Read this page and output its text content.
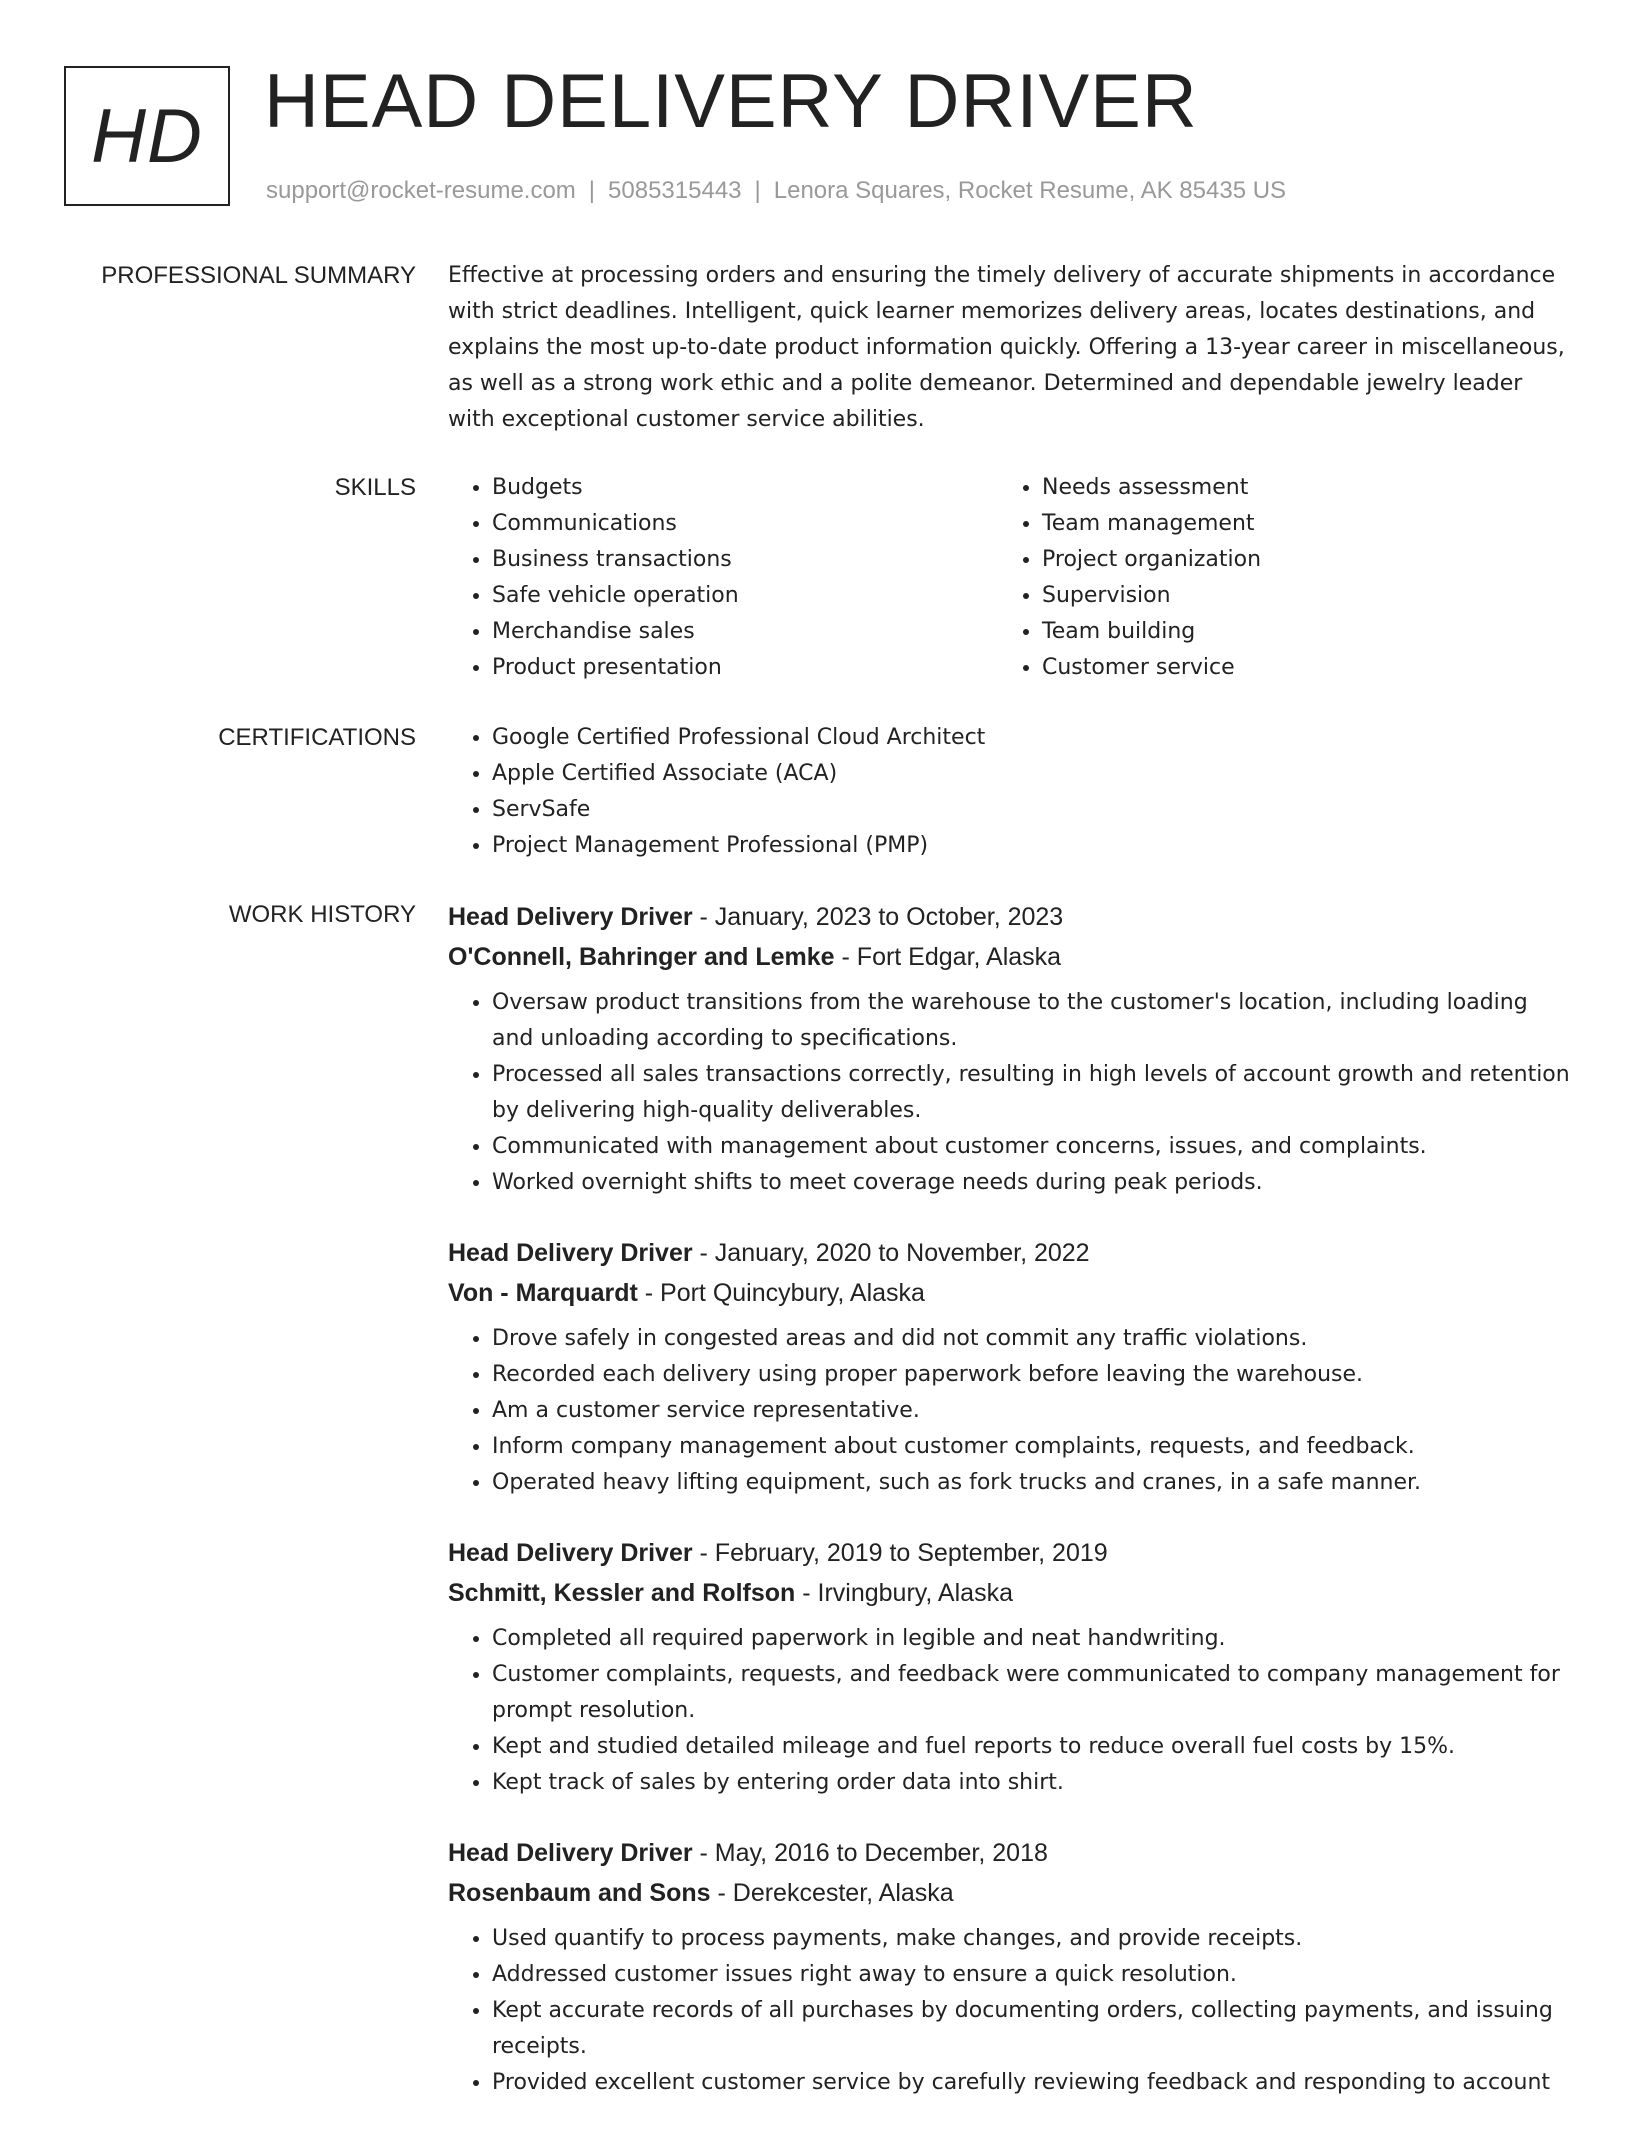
HD HEAD DELIVERY DRIVER
support@rocket-resume.com | 5085315443 | Lenora Squares, Rocket Resume, AK 85435 US
PROFESSIONAL SUMMARY Effective at processing orders and ensuring the timely delivery of accurate shipments in accordance with strict deadlines. Intelligent, quick learner memorizes delivery areas, locates destinations, and explains the most up-to-date product information quickly. Offering a 13-year career in miscellaneous, as well as a strong work ethic and a polite demeanor. Determined and dependable jewelry leader with exceptional customer service abilities.

SKILLS	• Budgets
• Communications
• Business transactions
• Safe vehicle operation
• Merchandise sales
• Product presentation
• Needs assessment
• Team management
• Project organization
• Supervision
• Team building
• Customer service
CERTIFICATIONS	• Google Certified Professional Cloud Architect
• Apple Certified Associate (ACA)
• ServSafe
• Project Management Professional (PMP)
WORK HISTORY Head Delivery Driver - January, 2023 to October, 2023
O'Connell, Bahringer and Lemke - Fort Edgar, Alaska
• Oversaw product transitions from the warehouse to the customer's location, including loading and unloading according to specifications.
• Processed all sales transactions correctly, resulting in high levels of account growth and retention by delivering high-quality deliverables.
• Communicated with management about customer concerns, issues, and complaints.
• Worked overnight shifts to meet coverage needs during peak periods.
Head Delivery Driver - January, 2020 to November, 2022
Von - Marquardt - Port Quincybury, Alaska
• Drove safely in congested areas and did not commit any traffic violations.
• Recorded each delivery using proper paperwork before leaving the warehouse.
• Am a customer service representative.
• Inform company management about customer complaints, requests, and feedback.
• Operated heavy lifting equipment, such as fork trucks and cranes, in a safe manner.
Head Delivery Driver - February, 2019 to September, 2019
Schmitt, Kessler and Rolfson - Irvingbury, Alaska
• Completed all required paperwork in legible and neat handwriting.
• Customer complaints, requests, and feedback were communicated to company management for prompt resolution.
• Kept and studied detailed mileage and fuel reports to reduce overall fuel costs by 15%.
• Kept track of sales by entering order data into shirt.
Head Delivery Driver - May, 2016 to December, 2018
Rosenbaum and Sons - Derekcester, Alaska
• Used quantify to process payments, make changes, and provide receipts.
• Addressed customer issues right away to ensure a quick resolution.
• Kept accurate records of all purchases by documenting orders, collecting payments, and issuing receipts.
• Provided excellent customer service by carefully reviewing feedback and responding to account
